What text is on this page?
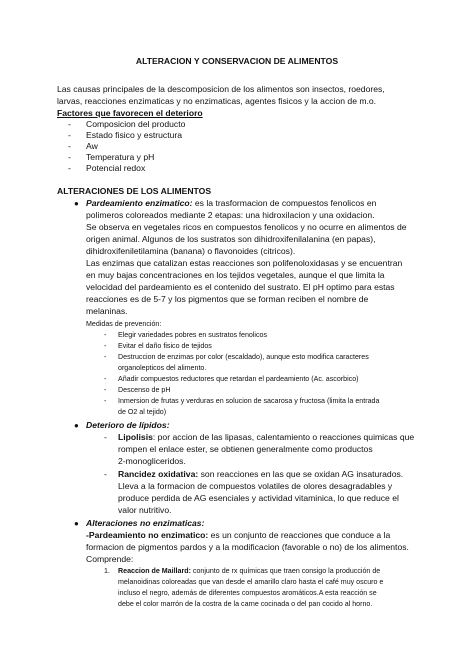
ALTERACION Y CONSERVACION DE ALIMENTOS
Las causas principales de la descomposicion de los alimentos son insectos, roedores,
larvas, reacciones enzimaticas y no enzimaticas, agentes fisicos y la accion de m.o.
Factores que favorecen el deterioro
- Composicion del producto
- Estado fisico y estructura
- Aw
- Temperatura y pH
- Potencial redox
ALTERACIONES DE LOS ALIMENTOS
● Pardeamiento enzimatico: es la trasformacion de compuestos fenolicos en
polimeros coloreados mediante 2 etapas: una hidroxilacion y una oxidacion.
Se observa en vegetales ricos en compuestos fenolicos y no ocurre en alimentos de
origen animal. Algunos de los sustratos son dihidroxifenilalanina (en papas),
dihidroxifeniletilamina (banana) o flavonoides (citricos).
Las enzimas que catalizan estas reacciones son polifenoloxidasas y se encuentran
en muy bajas concentraciones en los tejidos vegetales, aunque el que limita la
velocidad del pardeamiento es el contenido del sustrato. El pH optimo para estas
reacciones es de 5-7 y los pigmentos que se forman reciben el nombre de
melaninas.
Medidas de prevención:
- Elegir variedades pobres en sustratos fenolicos
- Evitar el daño fisico de tejidos
- Destruccion de enzimas por color (escaldado), aunque esto modifica caracteres
organolepticos del alimento.
- Añadir compuestos reductores que retardan el pardeamiento (Ac. ascorbico)
- Descenso de pH
- Inmersion de frutas y verduras en solucion de sacarosa y fructosa (limita la entrada
de O2 al tejido)
● Deterioro de lípidos:
- Lipolisis: por accion de las lipasas, calentamiento o reacciones quimicas que
rompen el enlace ester, se obtienen generalmente como productos
2-monogliceridos.
- Rancidez oxidativa: son reacciones en las que se oxidan AG insaturados.
Lleva a la formacion de compuestos volatiles de olores desagradables y
produce perdida de AG esenciales y actividad vitaminica, lo que reduce el
valor nutritivo.
● Alteraciones no enzimaticas:
-Pardeamiento no enzimatico: es un conjunto de reacciones que conduce a la
formacion de pigmentos pardos y a la modificacion (favorable o no) de los alimentos.
Comprende:
1. Reaccion de Maillard: conjunto de rx químicas que traen consigo la producción de
melanoidinas coloreadas que van desde el amarillo claro hasta el café muy oscuro e
incluso el negro, además de diferentes compuestos aromáticos.A esta reacción se
debe el color marrón de la costra de la carne cocinada o del pan cocido al horno.
